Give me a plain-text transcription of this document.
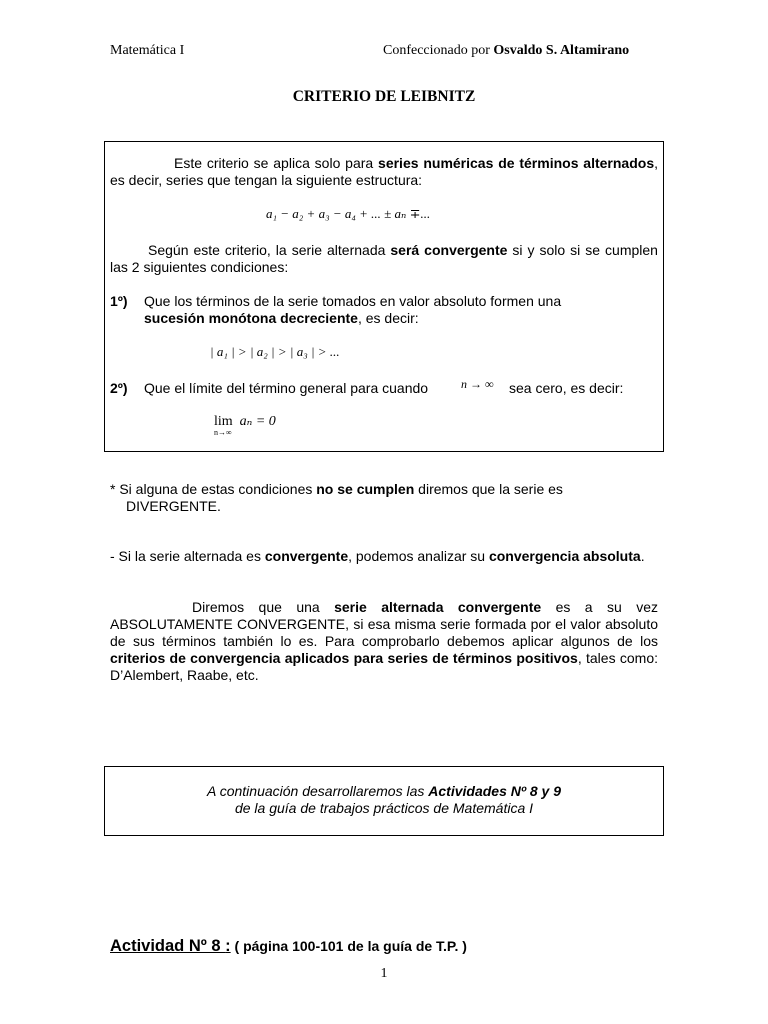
Matemática I	Confeccionado por Osvaldo S. Altamirano
CRITERIO DE LEIBNITZ
Este criterio se aplica solo para series numéricas de términos alternados, es decir, series que tengan la siguiente estructura:
a₁ − a₂ + a₃ − a₄ + ... ± aₙ ∓...
Según este criterio, la serie alternada será convergente si y solo si se cumplen las 2 siguientes condiciones:
1º) Que los términos de la serie tomados en valor absoluto formen una
sucesión monótona decreciente, es decir:
| a₁ | > | a₂ | > | a₃ | > ...
2º) Que el límite del término general para cuando	n → ∞ sea cero, es decir:
lim aₙ = 0
n→∞
* Si alguna de estas condiciones no se cumplen diremos que la serie es
DIVERGENTE.
- Si la serie alternada es convergente, podemos analizar su convergencia absoluta.
Diremos que una serie alternada convergente es a su vez ABSOLUTAMENTE CONVERGENTE, si esa misma serie formada por el valor absoluto de sus términos también lo es. Para comprobarlo debemos aplicar algunos de los criterios de convergencia aplicados para series de términos positivos, tales como: D’Alembert, Raabe, etc.
A continuación desarrollaremos las Actividades Nº 8 y 9
de la guía de trabajos prácticos de Matemática I
Actividad Nº 8 : ( página 100-101 de la guía de T.P. )
1
